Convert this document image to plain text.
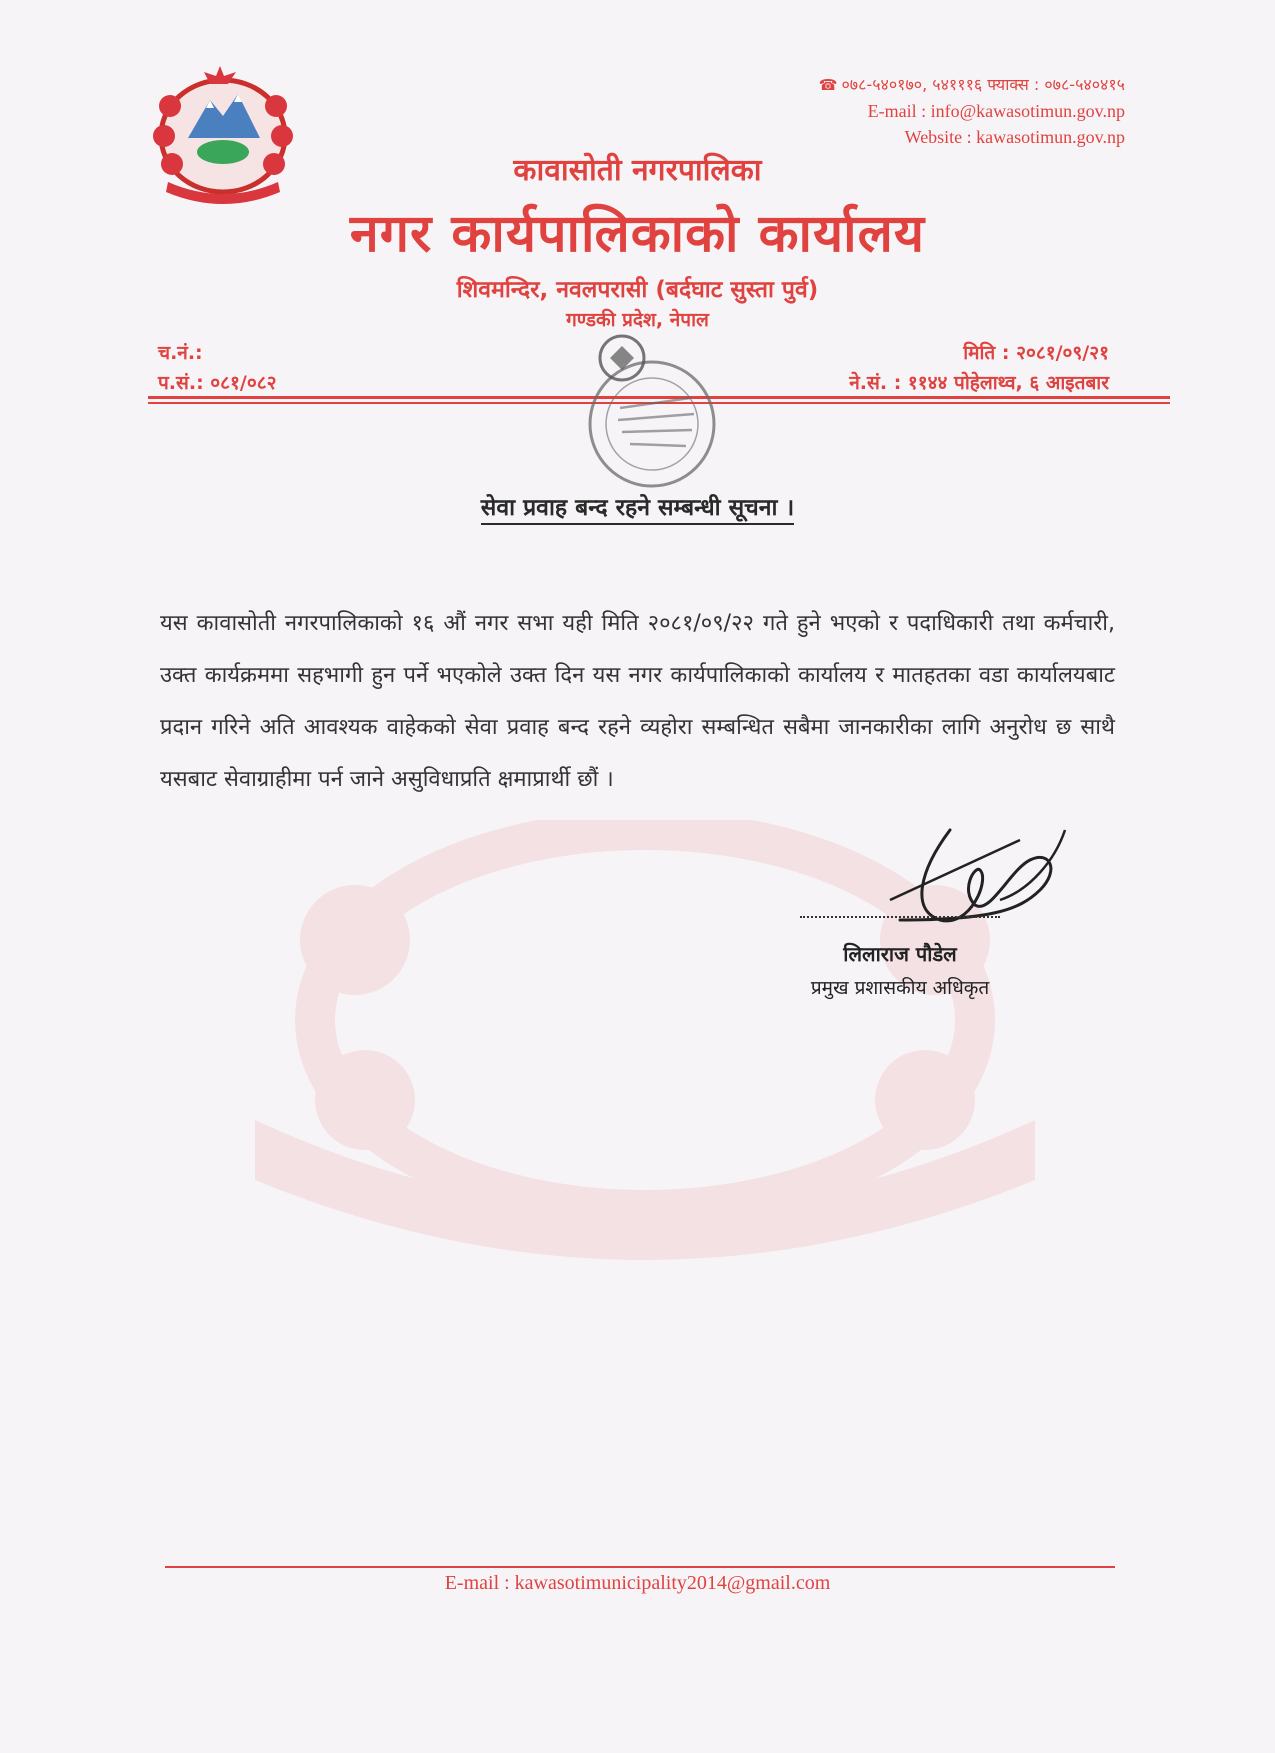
☎ ०७८-५४०१७०, ५४१११६ फ्याक्स : ०७८-५४०४१५
E-mail : info@kawasotimun.gov.np
Website : kawasotimun.gov.np
कावासोती नगरपालिका
नगर कार्यपालिकाको कार्यालय
शिवमन्दिर, नवलपरासी (बर्दघाट सुस्ता पुर्व)
गण्डकी प्रदेश, नेपाल
च.नं.:
प.सं.: ०८१/०८२
मिति : २०८१/०९/२१
ने.सं. : ११४४ पोहेलाथ्व, ६ आइतबार
सेवा प्रवाह बन्द रहने सम्बन्धी सूचना ।
यस कावासोती नगरपालिकाको १६ औं नगर सभा यही मिति २०८१/०९/२२ गते हुने भएको र पदाधिकारी तथा कर्मचारी, उक्त कार्यक्रममा सहभागी हुन पर्ने भएकोले उक्त दिन यस नगर कार्यपालिकाको कार्यालय र मातहतका वडा कार्यालयबाट प्रदान गरिने अति आवश्यक वाहेकको सेवा प्रवाह बन्द रहने व्यहोरा सम्बन्धित सबैमा जानकारीका लागि अनुरोध छ साथै यसबाट सेवाग्राहीमा पर्न जाने असुविधाप्रति क्षमाप्रार्थी छौं ।
लिलाराज पौडेल
प्रमुख प्रशासकीय अधिकृत
E-mail : kawasotimunicipality2014@gmail.com
